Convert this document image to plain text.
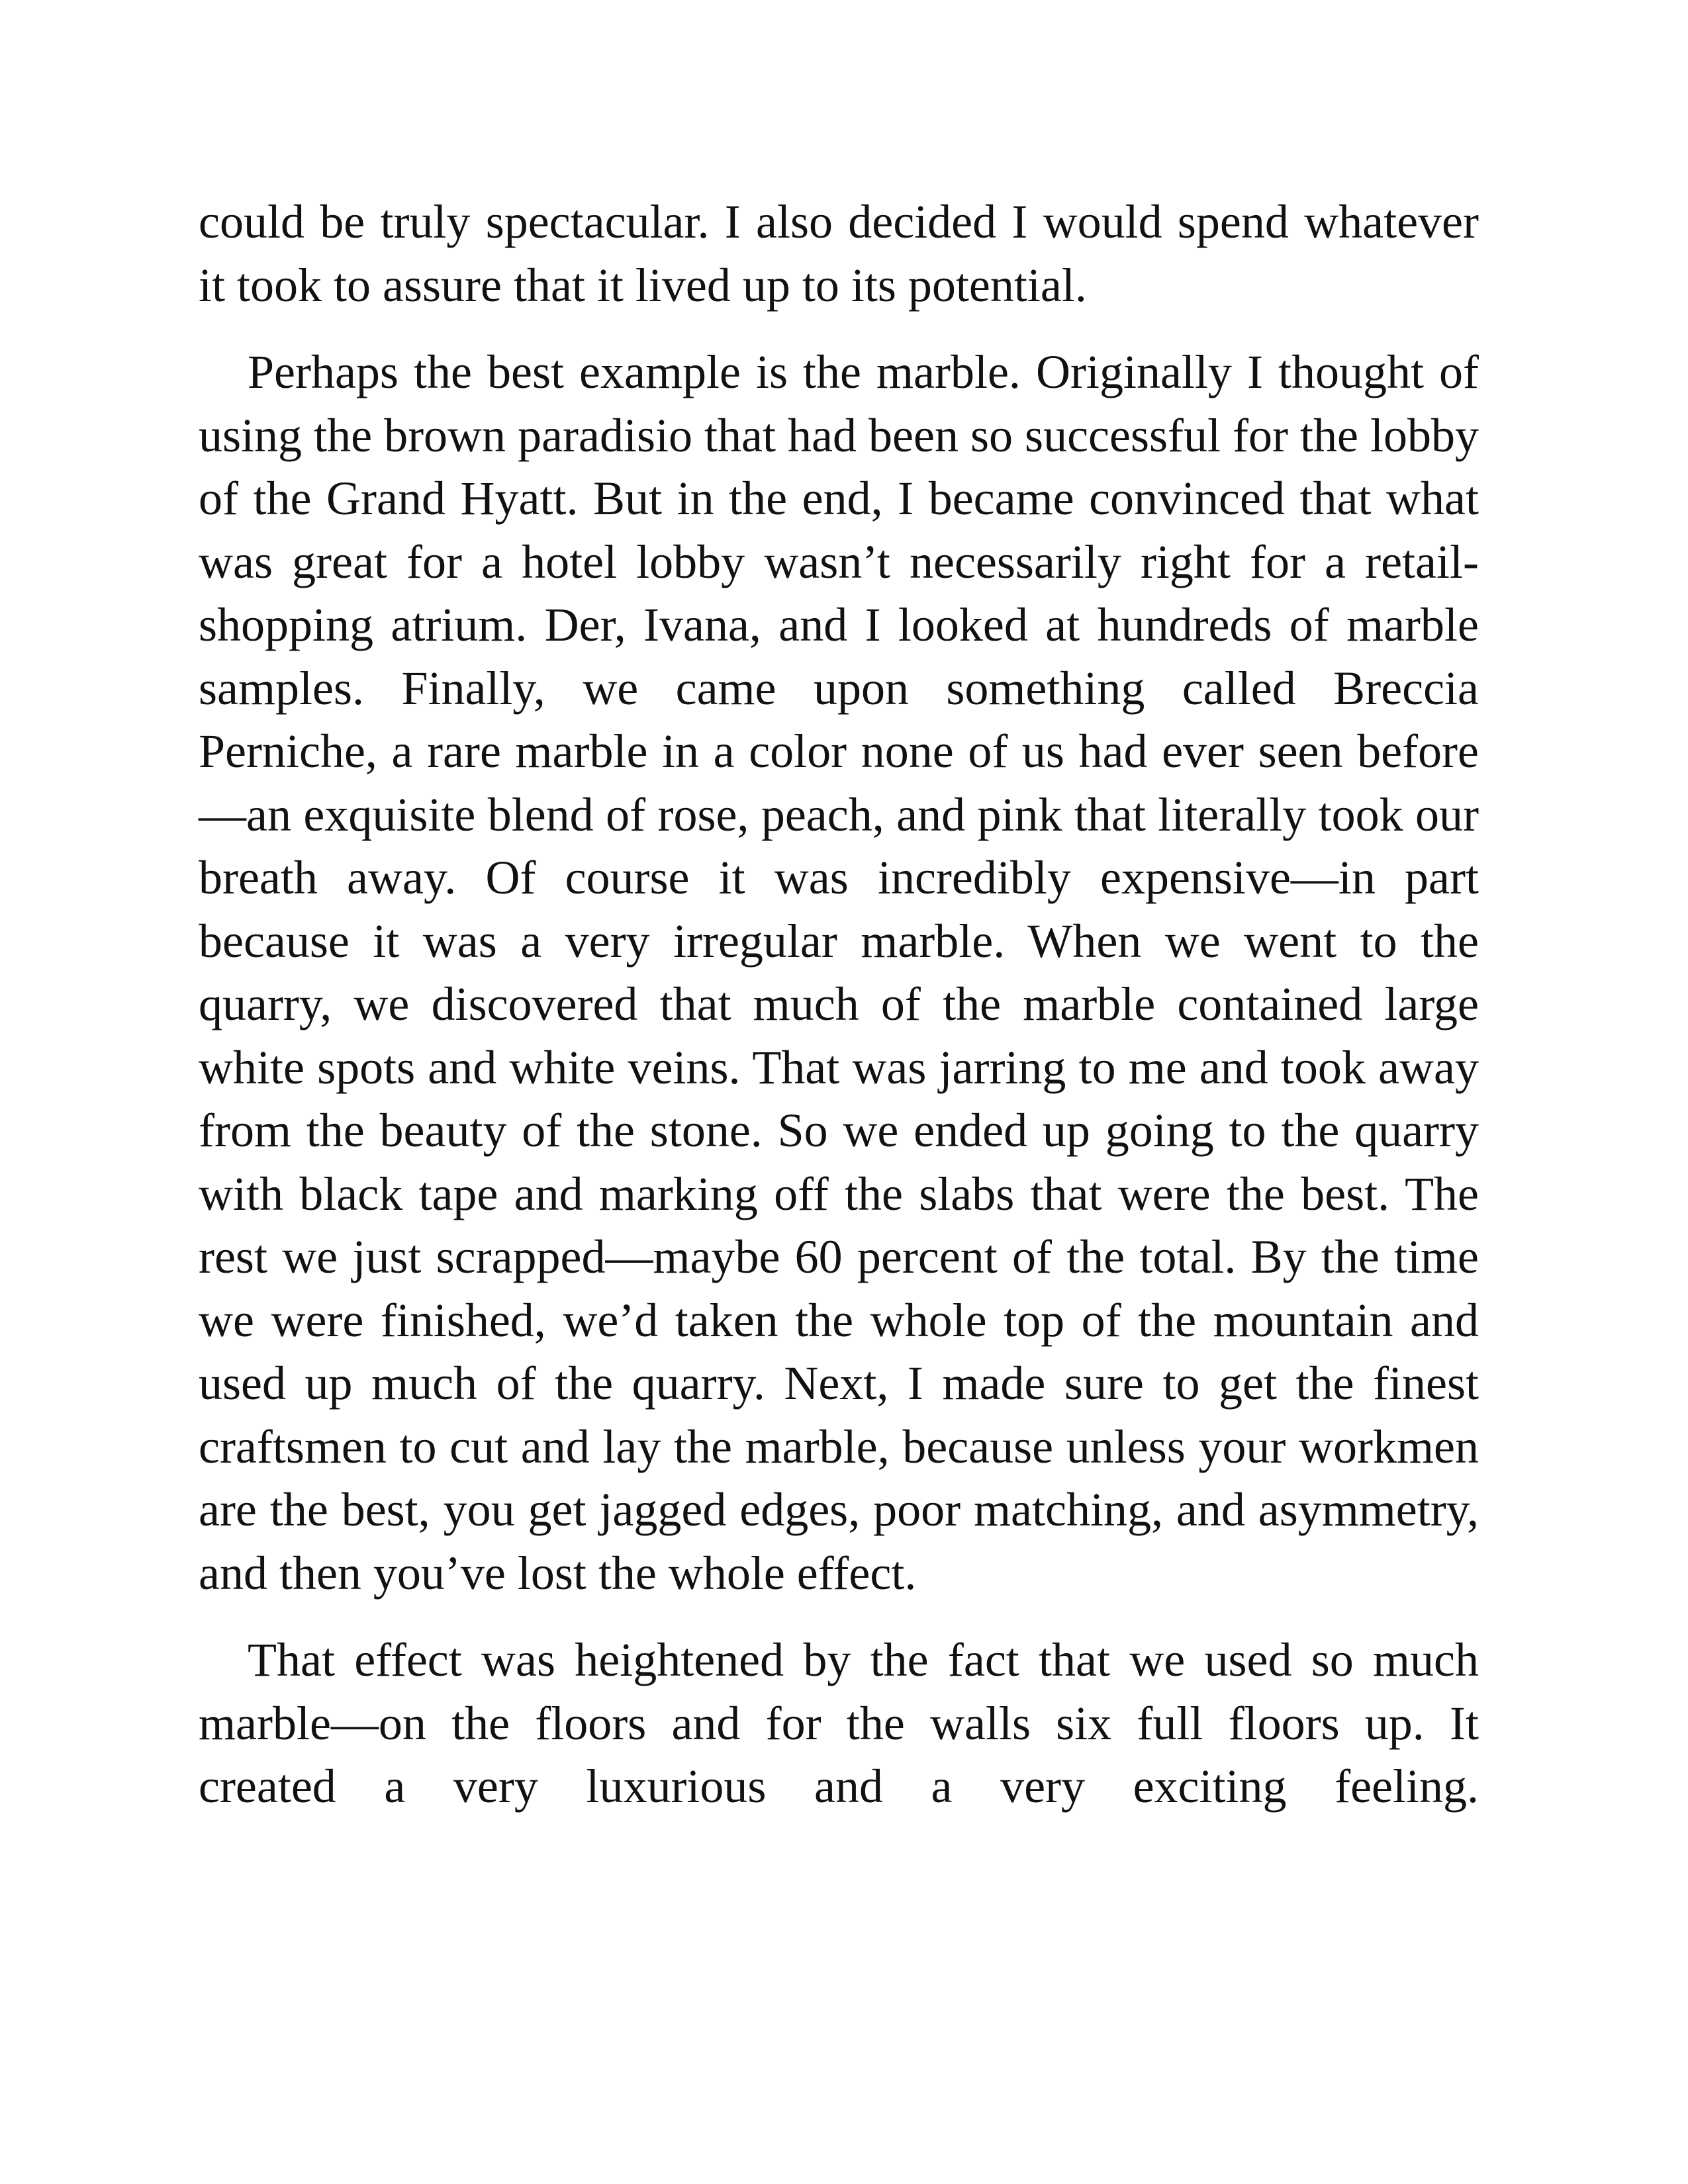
could be truly spectacular. I also decided I would spend whatever it took to assure that it lived up to its potential.

Perhaps the best example is the marble. Originally I thought of using the brown paradisio that had been so successful for the lobby of the Grand Hyatt. But in the end, I became convinced that what was great for a hotel lobby wasn’t necessarily right for a retail-shopping atrium. Der, Ivana, and I looked at hundreds of marble samples. Finally, we came upon something called Breccia Perniche, a rare marble in a color none of us had ever seen before—an exquisite blend of rose, peach, and pink that literally took our breath away. Of course it was incredibly expensive—in part because it was a very irregular marble. When we went to the quarry, we discovered that much of the marble contained large white spots and white veins. That was jarring to me and took away from the beauty of the stone. So we ended up going to the quarry with black tape and marking off the slabs that were the best. The rest we just scrapped—maybe 60 percent of the total. By the time we were finished, we’d taken the whole top of the mountain and used up much of the quarry. Next, I made sure to get the finest craftsmen to cut and lay the marble, because unless your workmen are the best, you get jagged edges, poor matching, and asymmetry, and then you’ve lost the whole effect.

That effect was heightened by the fact that we used so much marble—on the floors and for the walls six full floors up. It created a very luxurious and a very exciting feeling.
